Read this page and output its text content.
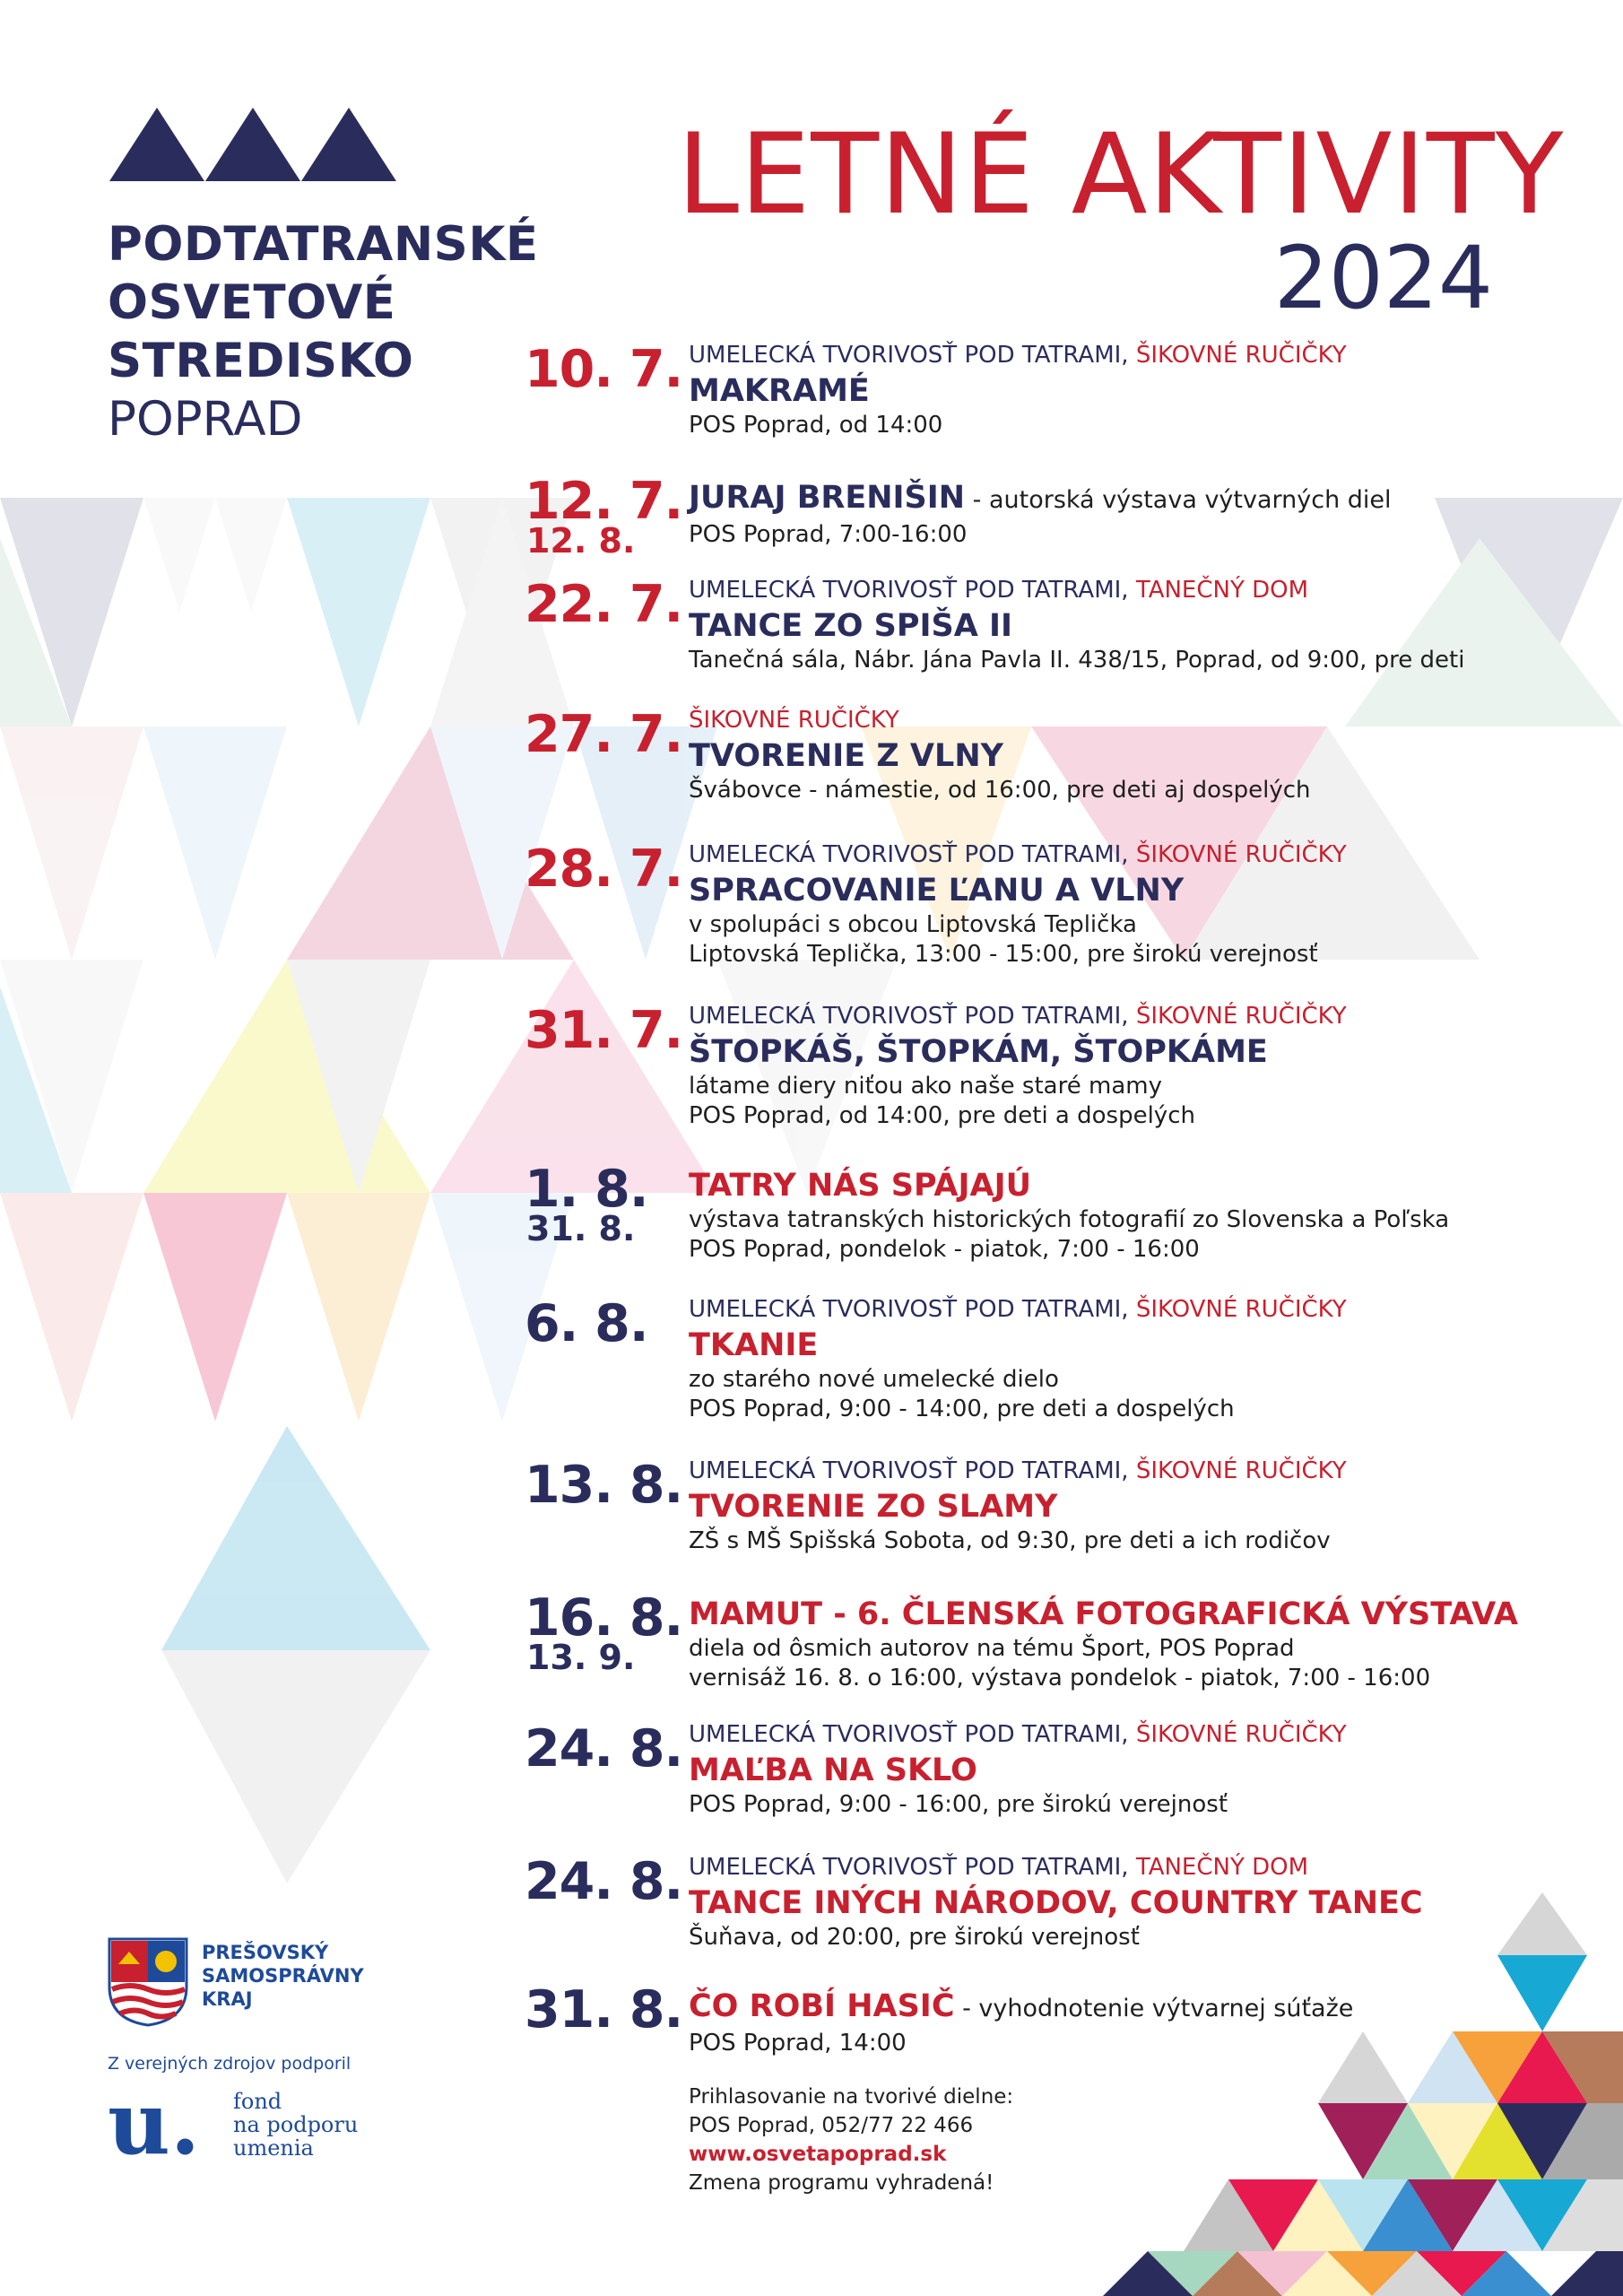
PODTATRANSKÉ
OSVETOVÉ
STREDISKO
POPRAD
LETNÉ AKTIVITY
2024
10. 7. UMELECKÁ TVORIVOSŤ POD TATRAMI, ŠIKOVNÉ RUČIČKY
MAKRAMÉ
POS Poprad, od 14:00
12. 7.
12. 8.
JURAJ BRENIŠIN - autorská výstava výtvarných diel
POS Poprad, 7:00-16:00
22. 7. UMELECKÁ TVORIVOSŤ POD TATRAMI, TANEČNÝ DOM
TANCE ZO SPIŠA II
Tanečná sála, Nábr. Jána Pavla II. 438/15, Poprad, od 9:00, pre deti
27. 7. ŠIKOVNÉ RUČIČKY
TVORENIE Z VLNY
Švábovce - námestie, od 16:00, pre deti aj dospelých
28. 7. UMELECKÁ TVORIVOSŤ POD TATRAMI, ŠIKOVNÉ RUČIČKY
SPRACOVANIE ĽANU A VLNY
v spolupáci s obcou Liptovská Teplička
Liptovská Teplička, 13:00 - 15:00, pre širokú verejnosť
31. 7. UMELECKÁ TVORIVOSŤ POD TATRAMI, ŠIKOVNÉ RUČIČKY
ŠTOPKÁŠ, ŠTOPKÁM, ŠTOPKÁME
látame diery niťou ako naše staré mamy
POS Poprad, od 14:00, pre deti a dospelých
1. 8.
31. 8.
TATRY NÁS SPÁJAJÚ
výstava tatranských historických fotografií zo Slovenska a Poľska
POS Poprad, pondelok - piatok, 7:00 - 16:00
6. 8. UMELECKÁ TVORIVOSŤ POD TATRAMI, ŠIKOVNÉ RUČIČKY
TKANIE
zo starého nové umelecké dielo
POS Poprad, 9:00 - 14:00, pre deti a dospelých
13. 8. UMELECKÁ TVORIVOSŤ POD TATRAMI, ŠIKOVNÉ RUČIČKY
TVORENIE ZO SLAMY
ZŠ s MŠ Spišská Sobota, od 9:30, pre deti a ich rodičov
16. 8.
13. 9.
MAMUT - 6. ČLENSKÁ FOTOGRAFICKÁ VÝSTAVA
diela od ôsmich autorov na tému Šport, POS Poprad
vernisáž 16. 8. o 16:00, výstava pondelok - piatok, 7:00 - 16:00
24. 8. UMELECKÁ TVORIVOSŤ POD TATRAMI, ŠIKOVNÉ RUČIČKY
MAĽBA NA SKLO
POS Poprad, 9:00 - 16:00, pre širokú verejnosť
24. 8. UMELECKÁ TVORIVOSŤ POD TATRAMI, TANEČNÝ DOM
TANCE INÝCH NÁRODOV, COUNTRY TANEC
Šuňava, od 20:00, pre širokú verejnosť
31. 8. ČO ROBÍ HASIČ - vyhodnotenie výtvarnej súťaže
POS Poprad, 14:00
Prihlasovanie na tvorivé dielne:
POS Poprad, 052/77 22 466
www.osvetapoprad.sk
Zmena programu vyhradená!
PREŠOVSKÝ
SAMOSPRÁVNY
KRAJ
Z verejných zdrojov podporil
u. fond
na podporu
umenia
